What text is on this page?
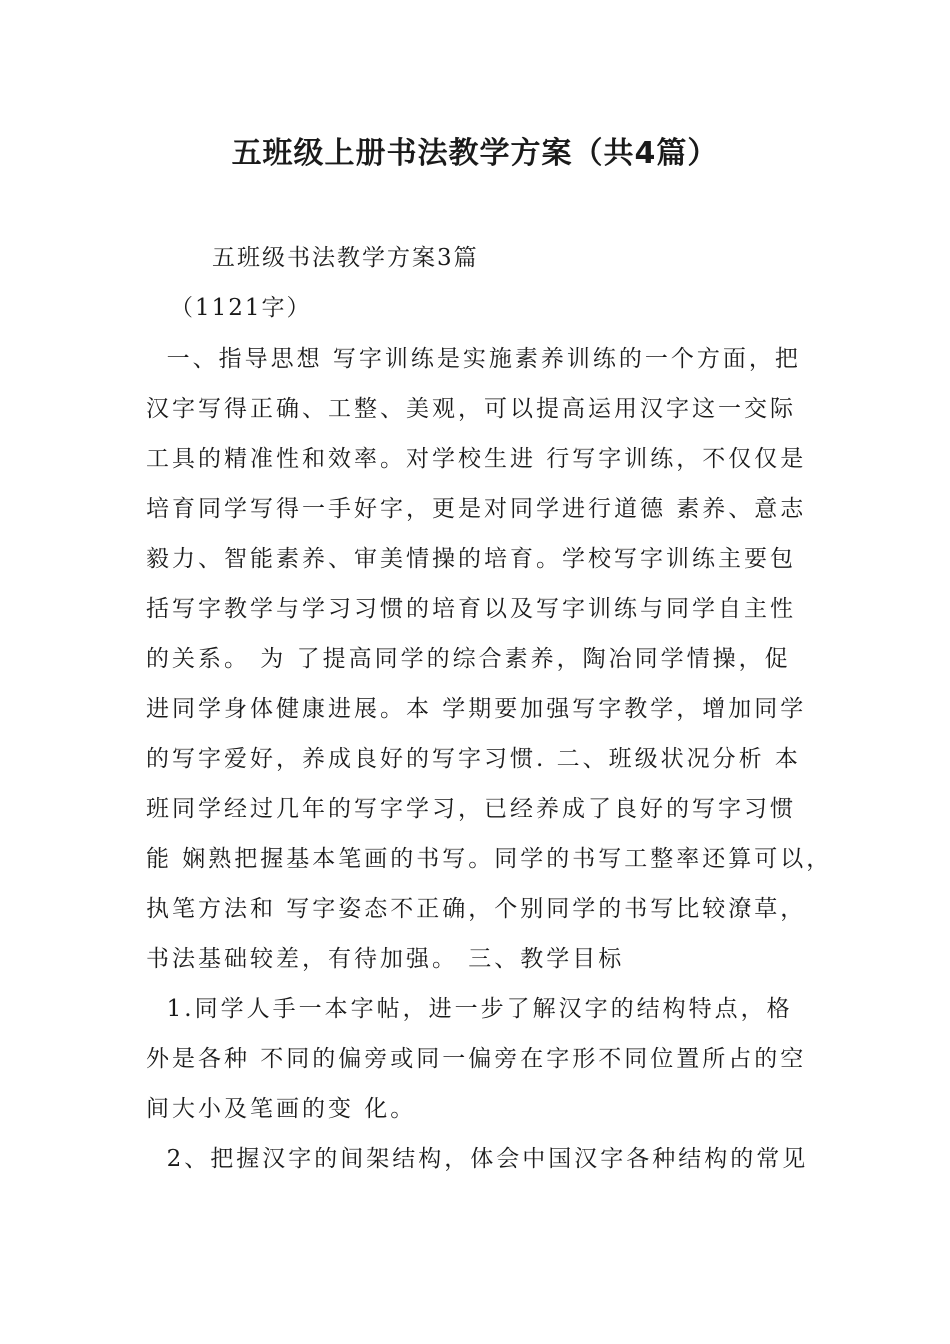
五班级上册书法教学方案（共4篇）

五班级书法教学方案3篇

（1121字）

一、指导思想 写字训练是实施素养训练的一个方面，把
汉字写得正确、工整、美观，可以提高运用汉字这一交际
工具的精准性和效率。对学校生进 行写字训练，不仅仅是
培育同学写得一手好字，更是对同学进行道德 素养、意志
毅力、智能素养、审美情操的培育。学校写字训练主要包
括写字教学与学习习惯的培育以及写字训练与同学自主性
的关系。 为 了提高同学的综合素养，陶冶同学情操，促
进同学身体健康进展。本 学期要加强写字教学，增加同学
的写字爱好，养成良好的写字习惯. 二、班级状况分析 本
班同学经过几年的写字学习，已经养成了良好的写字习惯
能 娴熟把握基本笔画的书写。同学的书写工整率还算可以，
执笔方法和 写字姿态不正确，个别同学的书写比较潦草，
书法基础较差，有待加强。 三、教学目标
1.同学人手一本字帖，进一步了解汉字的结构特点，格
外是各种 不同的偏旁或同一偏旁在字形不同位置所占的空
间大小及笔画的变 化。
2、把握汉字的间架结构，体会中国汉字各种结构的常见
